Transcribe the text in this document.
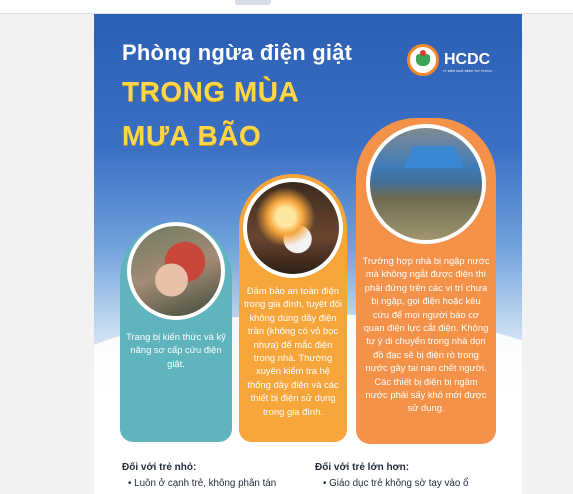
Phòng ngừa điện giật
TRONG MÙA
MƯA BÃO
HCDC
TT KIỂM SOÁT BỆNH TẬT TP.HCM
Trang bị kiến thức và kỹ năng sơ cấp cứu điện giật.
Đảm bảo an toàn điện trong gia đình, tuyệt đối không dùng dây điện trần (không có vỏ bọc nhựa) để mắc điện trong nhà. Thường xuyên kiểm tra hệ thống dây điện và các thiết bị điện sử dụng trong gia đình.
Trường hợp nhà bị ngập nước mà không ngắt được điện thì phải đứng trên các vị trí chưa bị ngập, gọi điện hoặc kêu cứu để mọi người báo cơ quan điện lực cắt điện. Không tự ý di chuyển trong nhà dọn đồ đạc sẽ bị điện rò trong nước gây tai nạn chết người. Các thiết bị điện bị ngâm nước phải sấy khô mới được sử dụng.
Đối với trẻ nhỏ:
• Luôn ở cạnh trẻ, không phân tán
Đối với trẻ lớn hơn:
• Giáo dục trẻ không sờ tay vào ổ
